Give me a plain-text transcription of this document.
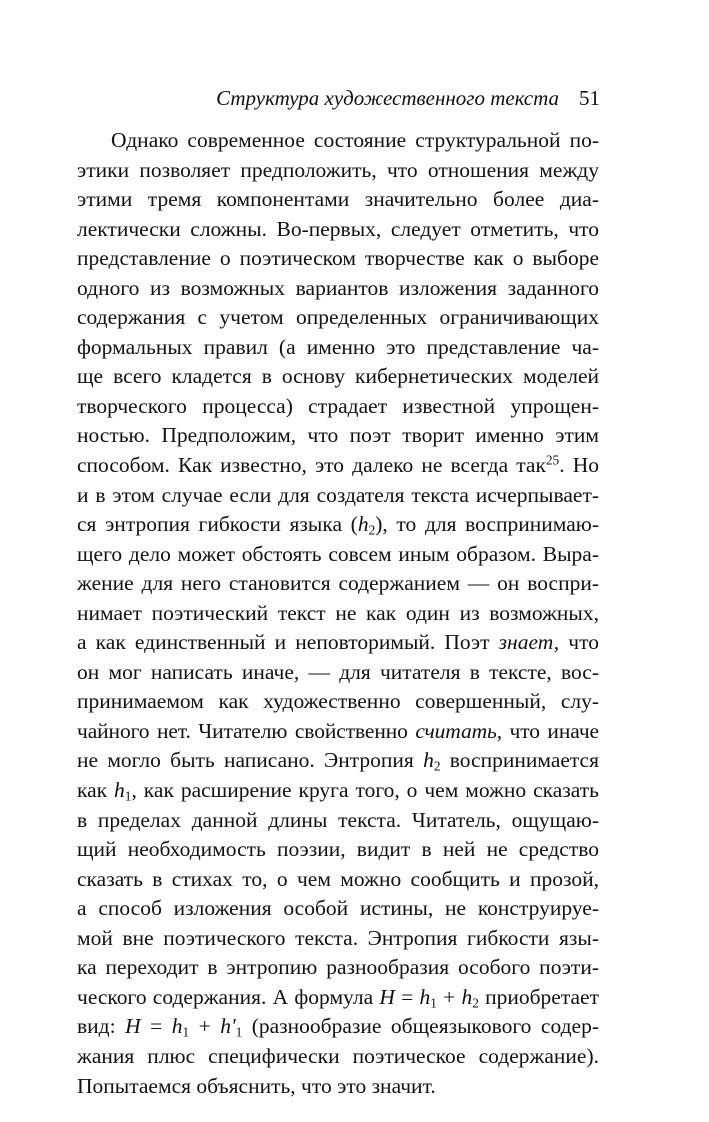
Структура художественного текста 51
Однако современное состояние структуральной по-
этики позволяет предположить, что отношения между
этими тремя компонентами значительно более диа-
лектически сложны. Во-первых, следует отметить, что
представление о поэтическом творчестве как о выборе
одного из возможных вариантов изложения заданного
содержания с учетом определенных ограничивающих
формальных правил (а именно это представление ча-
ще всего кладется в основу кибернетических моделей
творческого процесса) страдает известной упрощен-
ностью. Предположим, что поэт творит именно этим
способом. Как известно, это далеко не всегда так$^{25}$. Но
и в этом случае если для создателя текста исчерпывает-
ся энтропия гибкости языка $(h_2)$, то для воспринимаю-
щего дело может обстоять совсем иным образом. Выра-
жение для него становится содержанием — он воспри-
нимает поэтический текст не как один из возможных,
а как единственный и неповторимый. Поэт знает, что
он мог написать иначе, — для читателя в тексте, вос-
принимаемом как художественно совершенный, слу-
чайного нет. Читателю свойственно считать, что иначе
не могло быть написано. Энтропия $h_2$ воспринимается
как $h_1$, как расширение круга того, о чем можно сказать
в пределах данной длины текста. Читатель, ощущаю-
щий необходимость поэзии, видит в ней не средство
сказать в стихах то, о чем можно сообщить и прозой,
а способ изложения особой истины, не конструируе-
мой вне поэтического текста. Энтропия гибкости язы-
ка переходит в энтропию разнообразия особого поэти-
ческого содержания. А формула $H = h_1 + h_2$ приобретает
вид: $H = h_1 + h'_1$ (разнообразие общеязыкового содер-
жания плюс специфически поэтическое содержание).
Попытаемся объяснить, что это значит.
